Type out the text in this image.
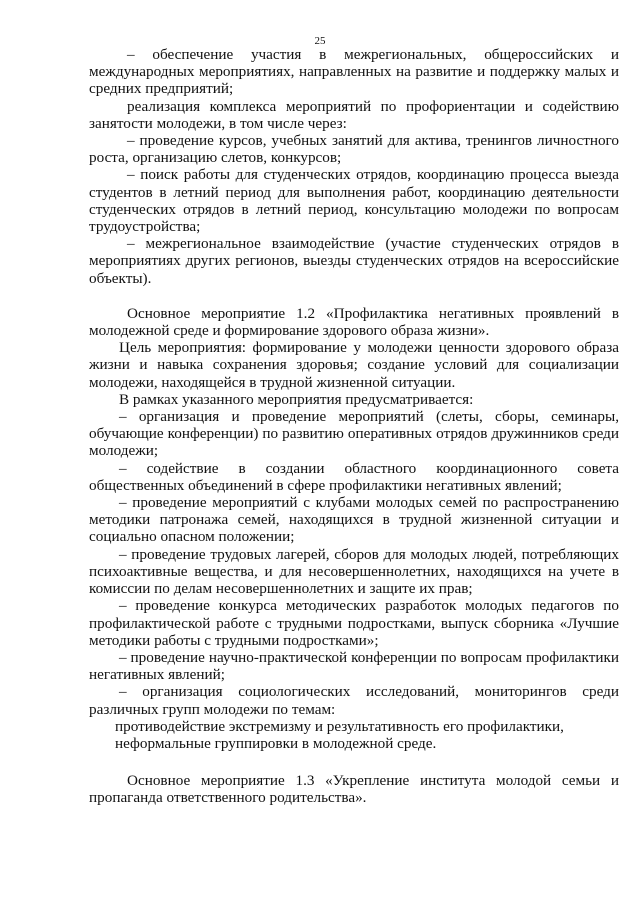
25

– обеспечение участия в межрегиональных, общероссийских и международных мероприятиях, направленных на развитие и поддержку малых и средних предприятий;

реализация комплекса мероприятий по профориентации и содействию занятости молодежи, в том числе через:

– проведение курсов, учебных занятий для актива, тренингов личностного роста, организацию слетов, конкурсов;

– поиск работы для студенческих отрядов, координацию процесса выезда студентов в летний период для выполнения работ, координацию деятельности студенческих отрядов в летний период, консультацию молодежи по вопросам трудоустройства;

– межрегиональное взаимодействие (участие студенческих отрядов в мероприятиях других регионов, выезды студенческих отрядов на всероссийские объекты).

Основное мероприятие 1.2 «Профилактика негативных проявлений в молодежной среде и формирование здорового образа жизни».

Цель мероприятия: формирование у молодежи ценности здорового образа жизни и навыка сохранения здоровья; создание условий для социализации молодежи, находящейся в трудной жизненной ситуации.

В рамках указанного мероприятия предусматривается:

– организация и проведение мероприятий (слеты, сборы, семинары, обучающие конференции) по развитию оперативных отрядов дружинников среди молодежи;

– содействие в создании областного координационного совета общественных объединений в сфере профилактики негативных явлений;

– проведение мероприятий с клубами молодых семей по распространению методики патронажа семей, находящихся в трудной жизненной ситуации и социально опасном положении;

– проведение трудовых лагерей, сборов для молодых людей, потребляющих психоактивные вещества, и для несовершеннолетних, находящихся на учете в комиссии по делам несовершеннолетних и защите их прав;

– проведение конкурса методических разработок молодых педагогов по профилактической работе с трудными подростками, выпуск сборника «Лучшие методики работы с трудными подростками»;

– проведение научно-практической конференции по вопросам профилактики негативных явлений;

– организация социологических исследований, мониторингов среди различных групп молодежи по темам:

противодействие экстремизму и результативность его профилактики,

неформальные группировки в молодежной среде.

Основное мероприятие 1.3 «Укрепление института молодой семьи и пропаганда ответственного родительства».
